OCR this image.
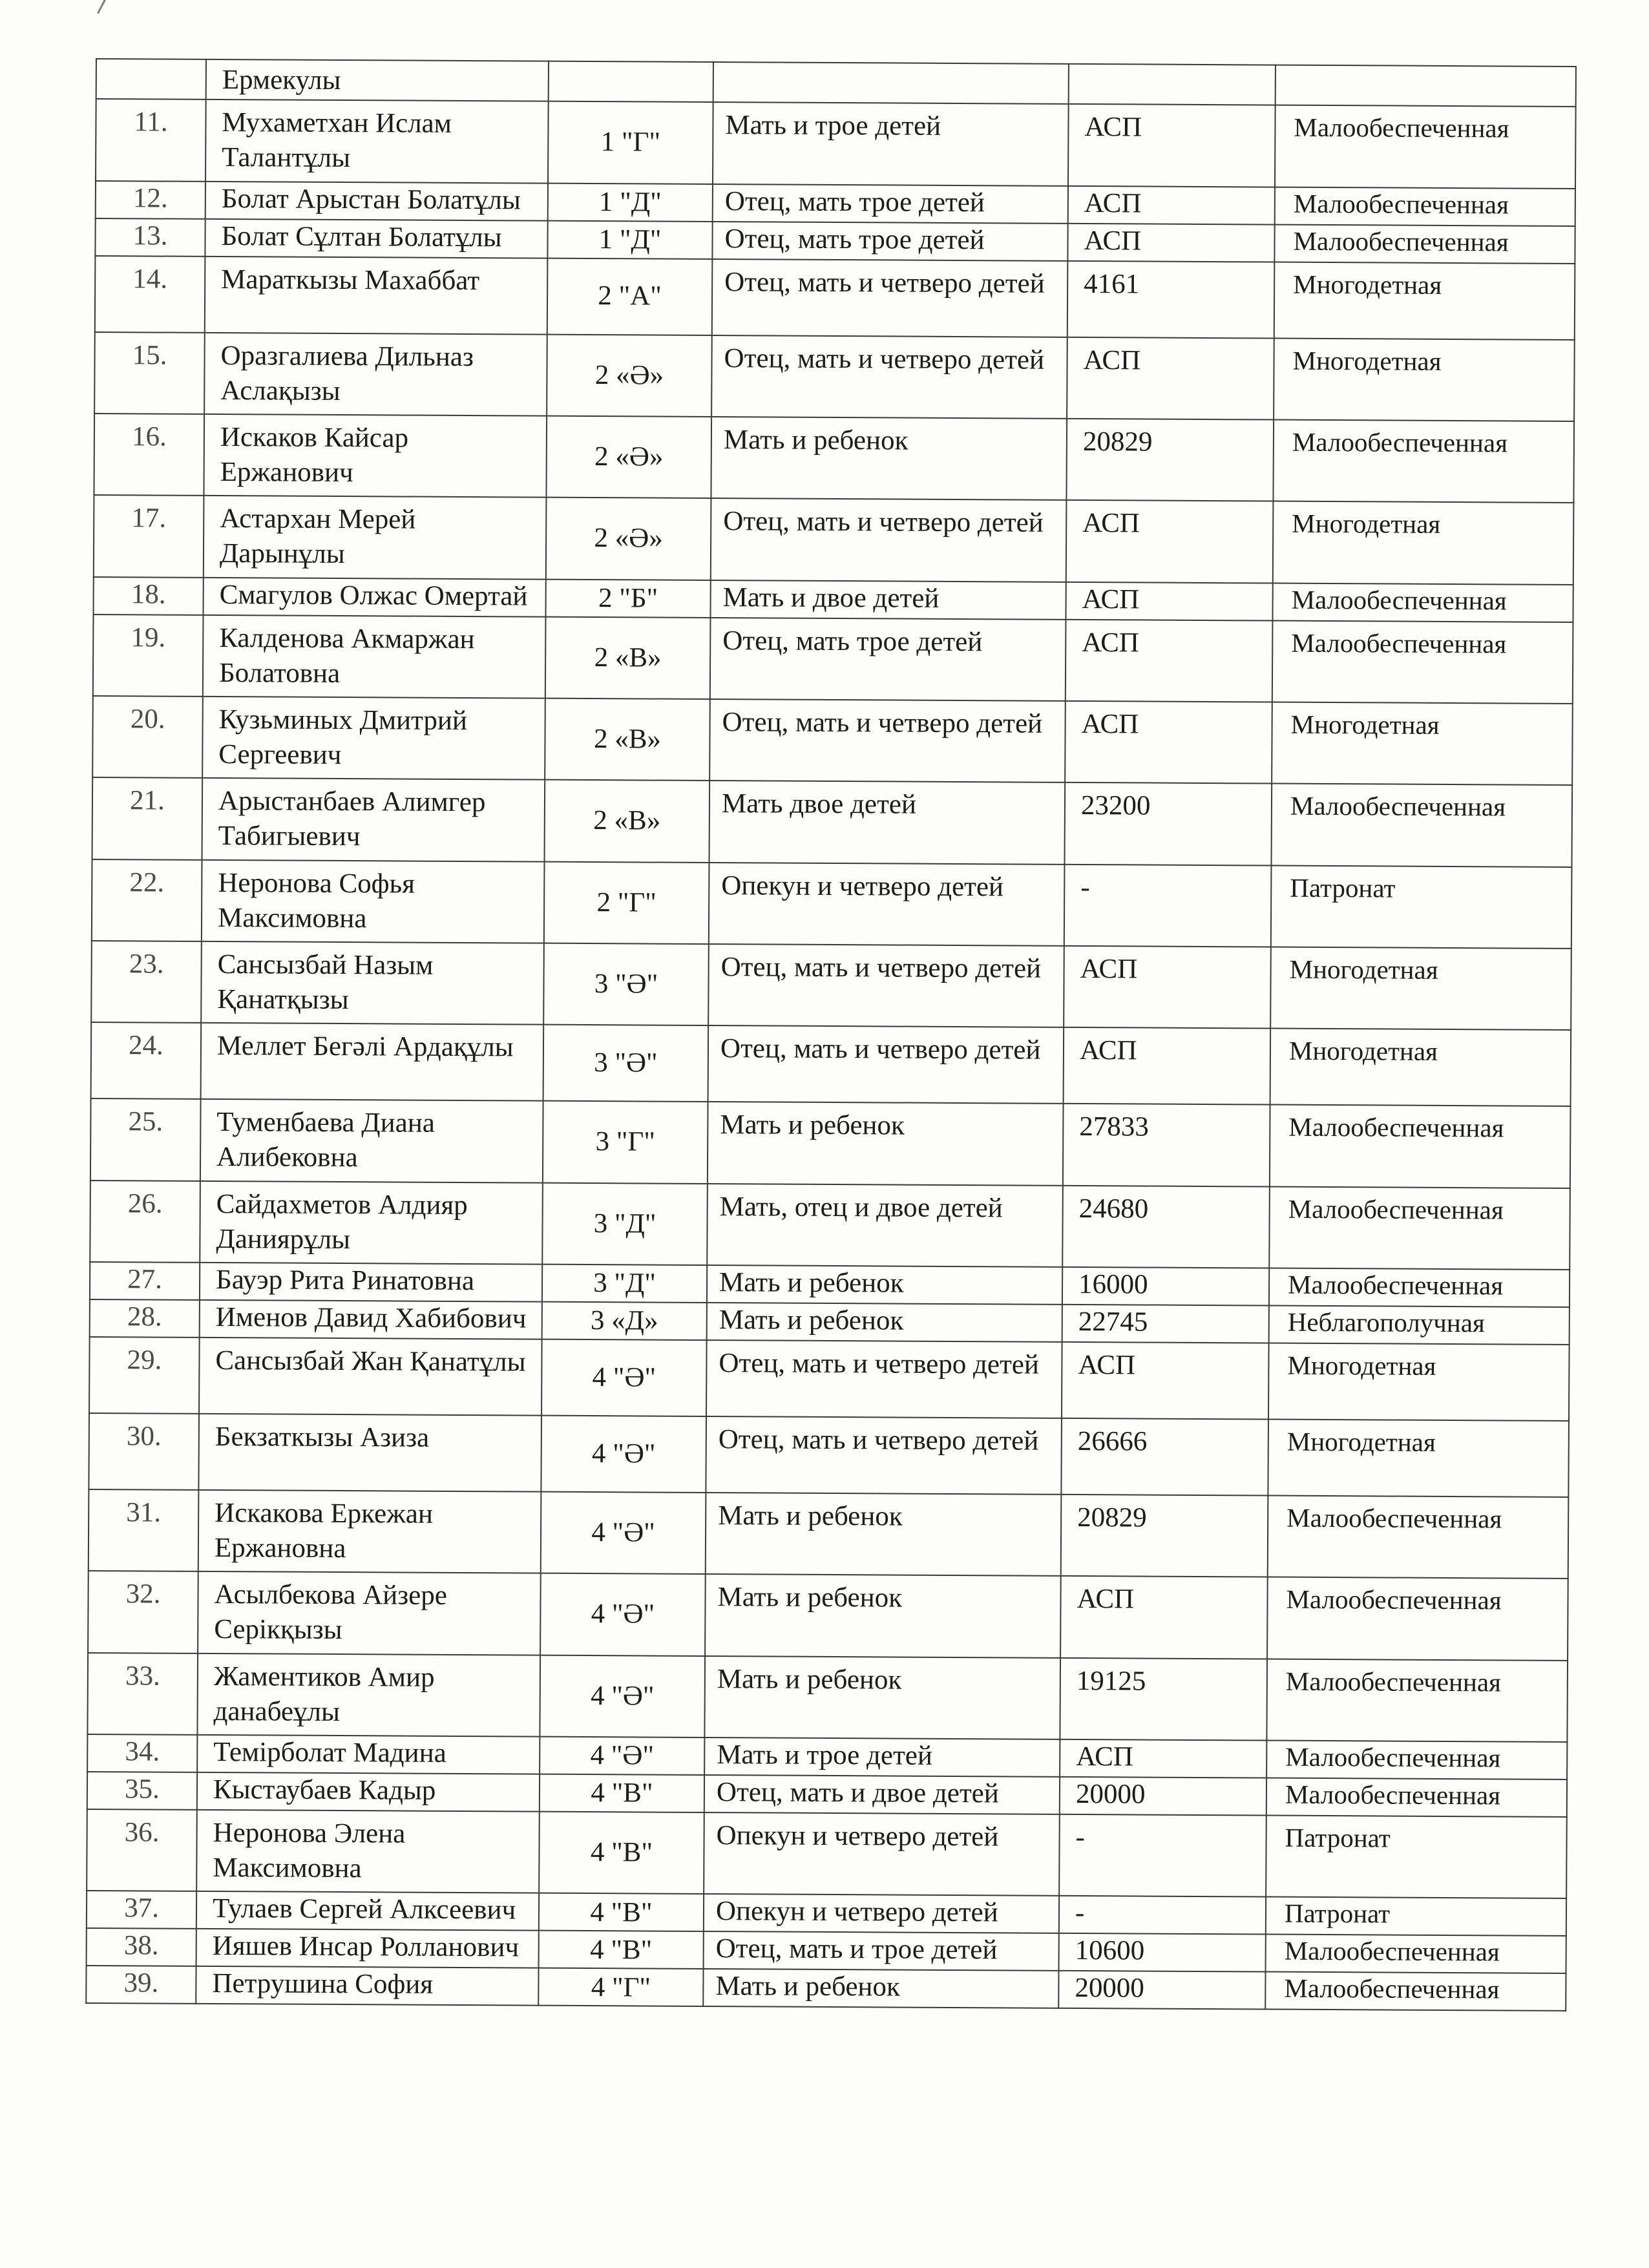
	Ермекулы				
11.	Мухаметхан Ислам Талантұлы	1 "Г"	Мать и трое детей	АСП	Малообеспеченная
12.	Болат Арыстан Болатұлы	1 "Д"	Отец, мать трое детей	АСП	Малообеспеченная
13.	Болат Сұлтан Болатұлы	1 "Д"	Отец, мать трое детей	АСП	Малообеспеченная
14.	Мараткызы Махаббат	2 "А"	Отец, мать и четверо детей	4161	Многодетная
15.	Оразгалиева Дильназ Аслақызы	2 «Ә»	Отец, мать и четверо детей	АСП	Многодетная
16.	Искаков Кайсар Ержанович	2 «Ә»	Мать и ребенок	20829	Малообеспеченная
17.	Астархан Мерей Дарынұлы	2 «Ә»	Отец, мать и четверо детей	АСП	Многодетная
18.	Смагулов Олжас Омертай	2 "Б"	Мать и двое детей	АСП	Малообеспеченная
19.	Калденова Акмаржан Болатовна	2 «В»	Отец, мать трое детей	АСП	Малообеспеченная
20.	Кузьминых Дмитрий Сергеевич	2 «В»	Отец, мать и четверо детей	АСП	Многодетная
21.	Арыстанбаев Алимгер Табигыевич	2 «В»	Мать двое детей	23200	Малообеспеченная
22.	Неронова Софья Максимовна	2 "Г"	Опекун и четверо детей	-	Патронат
23.	Сансызбай Назым Қанатқызы	3 "Ә"	Отец, мать и четверо детей	АСП	Многодетная
24.	Меллет Бегәлі Ардақұлы	3 "Ә"	Отец, мать и четверо детей	АСП	Многодетная
25.	Туменбаева Диана Алибековна	3 "Г"	Мать и ребенок	27833	Малообеспеченная
26.	Сайдахметов Алдияр Даниярұлы	3 "Д"	Мать, отец и двое детей	24680	Малообеспеченная
27.	Бауэр Рита Ринатовна	3 "Д"	Мать и ребенок	16000	Малообеспеченная
28.	Именов Давид Хабибович	3 «Д»	Мать и ребенок	22745	Неблагополучная
29.	Сансызбай Жан Қанатұлы	4 "Ә"	Отец, мать и четверо детей	АСП	Многодетная
30.	Бекзаткызы Азиза	4 "Ә"	Отец, мать и четверо детей	26666	Многодетная
31.	Искакова Еркежан Ержановна	4 "Ә"	Мать и ребенок	20829	Малообеспеченная
32.	Асылбекова Айзере Серікқызы	4 "Ә"	Мать и ребенок	АСП	Малообеспеченная
33.	Жаментиков Амир данабеұлы	4 "Ә"	Мать и ребенок	19125	Малообеспеченная
34.	Темірболат Мадина	4 "Ә"	Мать и трое детей	АСП	Малообеспеченная
35.	Кыстаубаев Кадыр	4 "В"	Отец, мать и двое детей	20000	Малообеспеченная
36.	Неронова Элена Максимовна	4 "В"	Опекун и четверо детей	-	Патронат
37.	Тулаев Сергей Алксеевич	4 "В"	Опекун и четверо детей	-	Патронат
38.	Ияшев Инсар Ролланович	4 "В"	Отец, мать и трое детей	10600	Малообеспеченная
39.	Петрушина София	4 "Г"	Мать и ребенок	20000	Малообеспеченная
